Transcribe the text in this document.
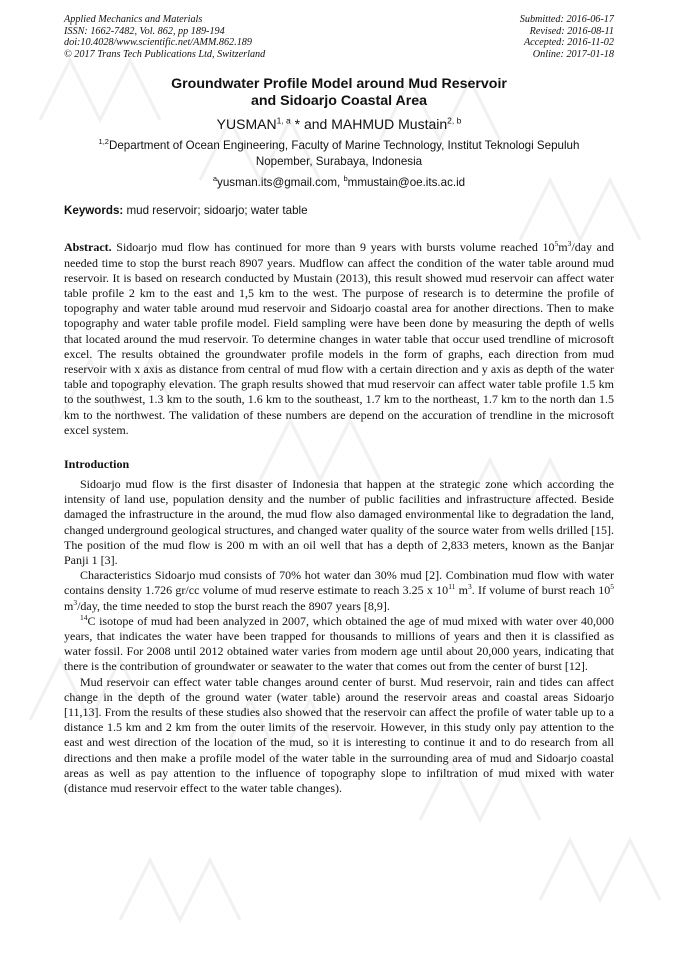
Applied Mechanics and Materials
ISSN: 1662-7482, Vol. 862, pp 189-194
doi:10.4028/www.scientific.net/AMM.862.189
© 2017 Trans Tech Publications Ltd, Switzerland
Submitted: 2016-06-17
Revised: 2016-08-11
Accepted: 2016-11-02
Online: 2017-01-18
Groundwater Profile Model around Mud Reservoir
and Sidoarjo Coastal Area
YUSMAN$^{1, a}$ * and MAHMUD Mustain$^{2, b}$
$^{1,2}$Department of Ocean Engineering, Faculty of Marine Technology, Institut Teknologi Sepuluh
Nopember, Surabaya, Indonesia
$^a$yusman.its@gmail.com, $^b$mmustain@oe.its.ac.id
Keywords: mud reservoir; sidoarjo; water table
Abstract. Sidoarjo mud flow has continued for more than 9 years with bursts volume reached $10^5m^3$/day and needed time to stop the burst reach 8907 years. Mudflow can affect the condition of the water table around mud reservoir. It is based on research conducted by Mustain (2013), this result showed mud reservoir can affect water table profile 2 km to the east and 1,5 km to the west. The purpose of research is to determine the profile of topography and water table around mud reservoir and Sidoarjo coastal area for another directions. Then to make topography and water table profile model. Field sampling were have been done by measuring the depth of wells that located around the mud reservoir. To determine changes in water table that occur used trendline of microsoft excel. The results obtained the groundwater profile models in the form of graphs, each direction from mud reservoir with x axis as distance from central of mud flow with a certain direction and y axis as depth of the water table and topography elevation. The graph results showed that mud reservoir can affect water table profile 1.5 km to the southwest, 1.3 km to the south, 1.6 km to the southeast, 1.7 km to the northeast, 1.7 km to the north dan 1.5 km to the northwest. The validation of these numbers are depend on the accuration of trendline in the microsoft excel system.
Introduction
Sidoarjo mud flow is the first disaster of Indonesia that happen at the strategic zone which according the intensity of land use, population density and the number of public facilities and infrastructure affected. Beside damaged the infrastructure in the around, the mud flow also damaged environmental like to degradation the land, changed underground geological structures, and changed water quality of the source water from wells drilled [15]. The position of the mud flow is 200 m with an oil well that has a depth of 2,833 meters, known as the Banjar Panji 1 [3].
Characteristics Sidoarjo mud consists of 70% hot water dan 30% mud [2]. Combination mud flow with water contains density 1.726 gr/cc volume of mud reserve estimate to reach 3.25 x $10^{11}$ $m^3$. If volume of burst reach $10^5$ $m^3$/day, the time needed to stop the burst reach the 8907 years [8,9].
$^{14}$C isotope of mud had been analyzed in 2007, which obtained the age of mud mixed with water over 40,000 years, that indicates the water have been trapped for thousands to millions of years and then it is classified as water fossil. For 2008 until 2012 obtained water varies from modern age until about 20,000 years, indicating that there is the contribution of groundwater or seawater to the water that comes out from the center of burst [12].
Mud reservoir can effect water table changes around center of burst. Mud reservoir, rain and tides can affect change in the depth of the ground water (water table) around the reservoir areas and coastal areas Sidoarjo [11,13]. From the results of these studies also showed that the reservoir can affect the profile of water table up to a distance 1.5 km and 2 km from the outer limits of the reservoir. However, in this study only pay attention to the east and west direction of the location of the mud, so it is interesting to continue it and to do research from all directions and then make a profile model of the water table in the surrounding area of mud and Sidoarjo coastal areas as well as pay attention to the influence of topography slope to infiltration of mud mixed with water (distance mud reservoir effect to the water table changes).
